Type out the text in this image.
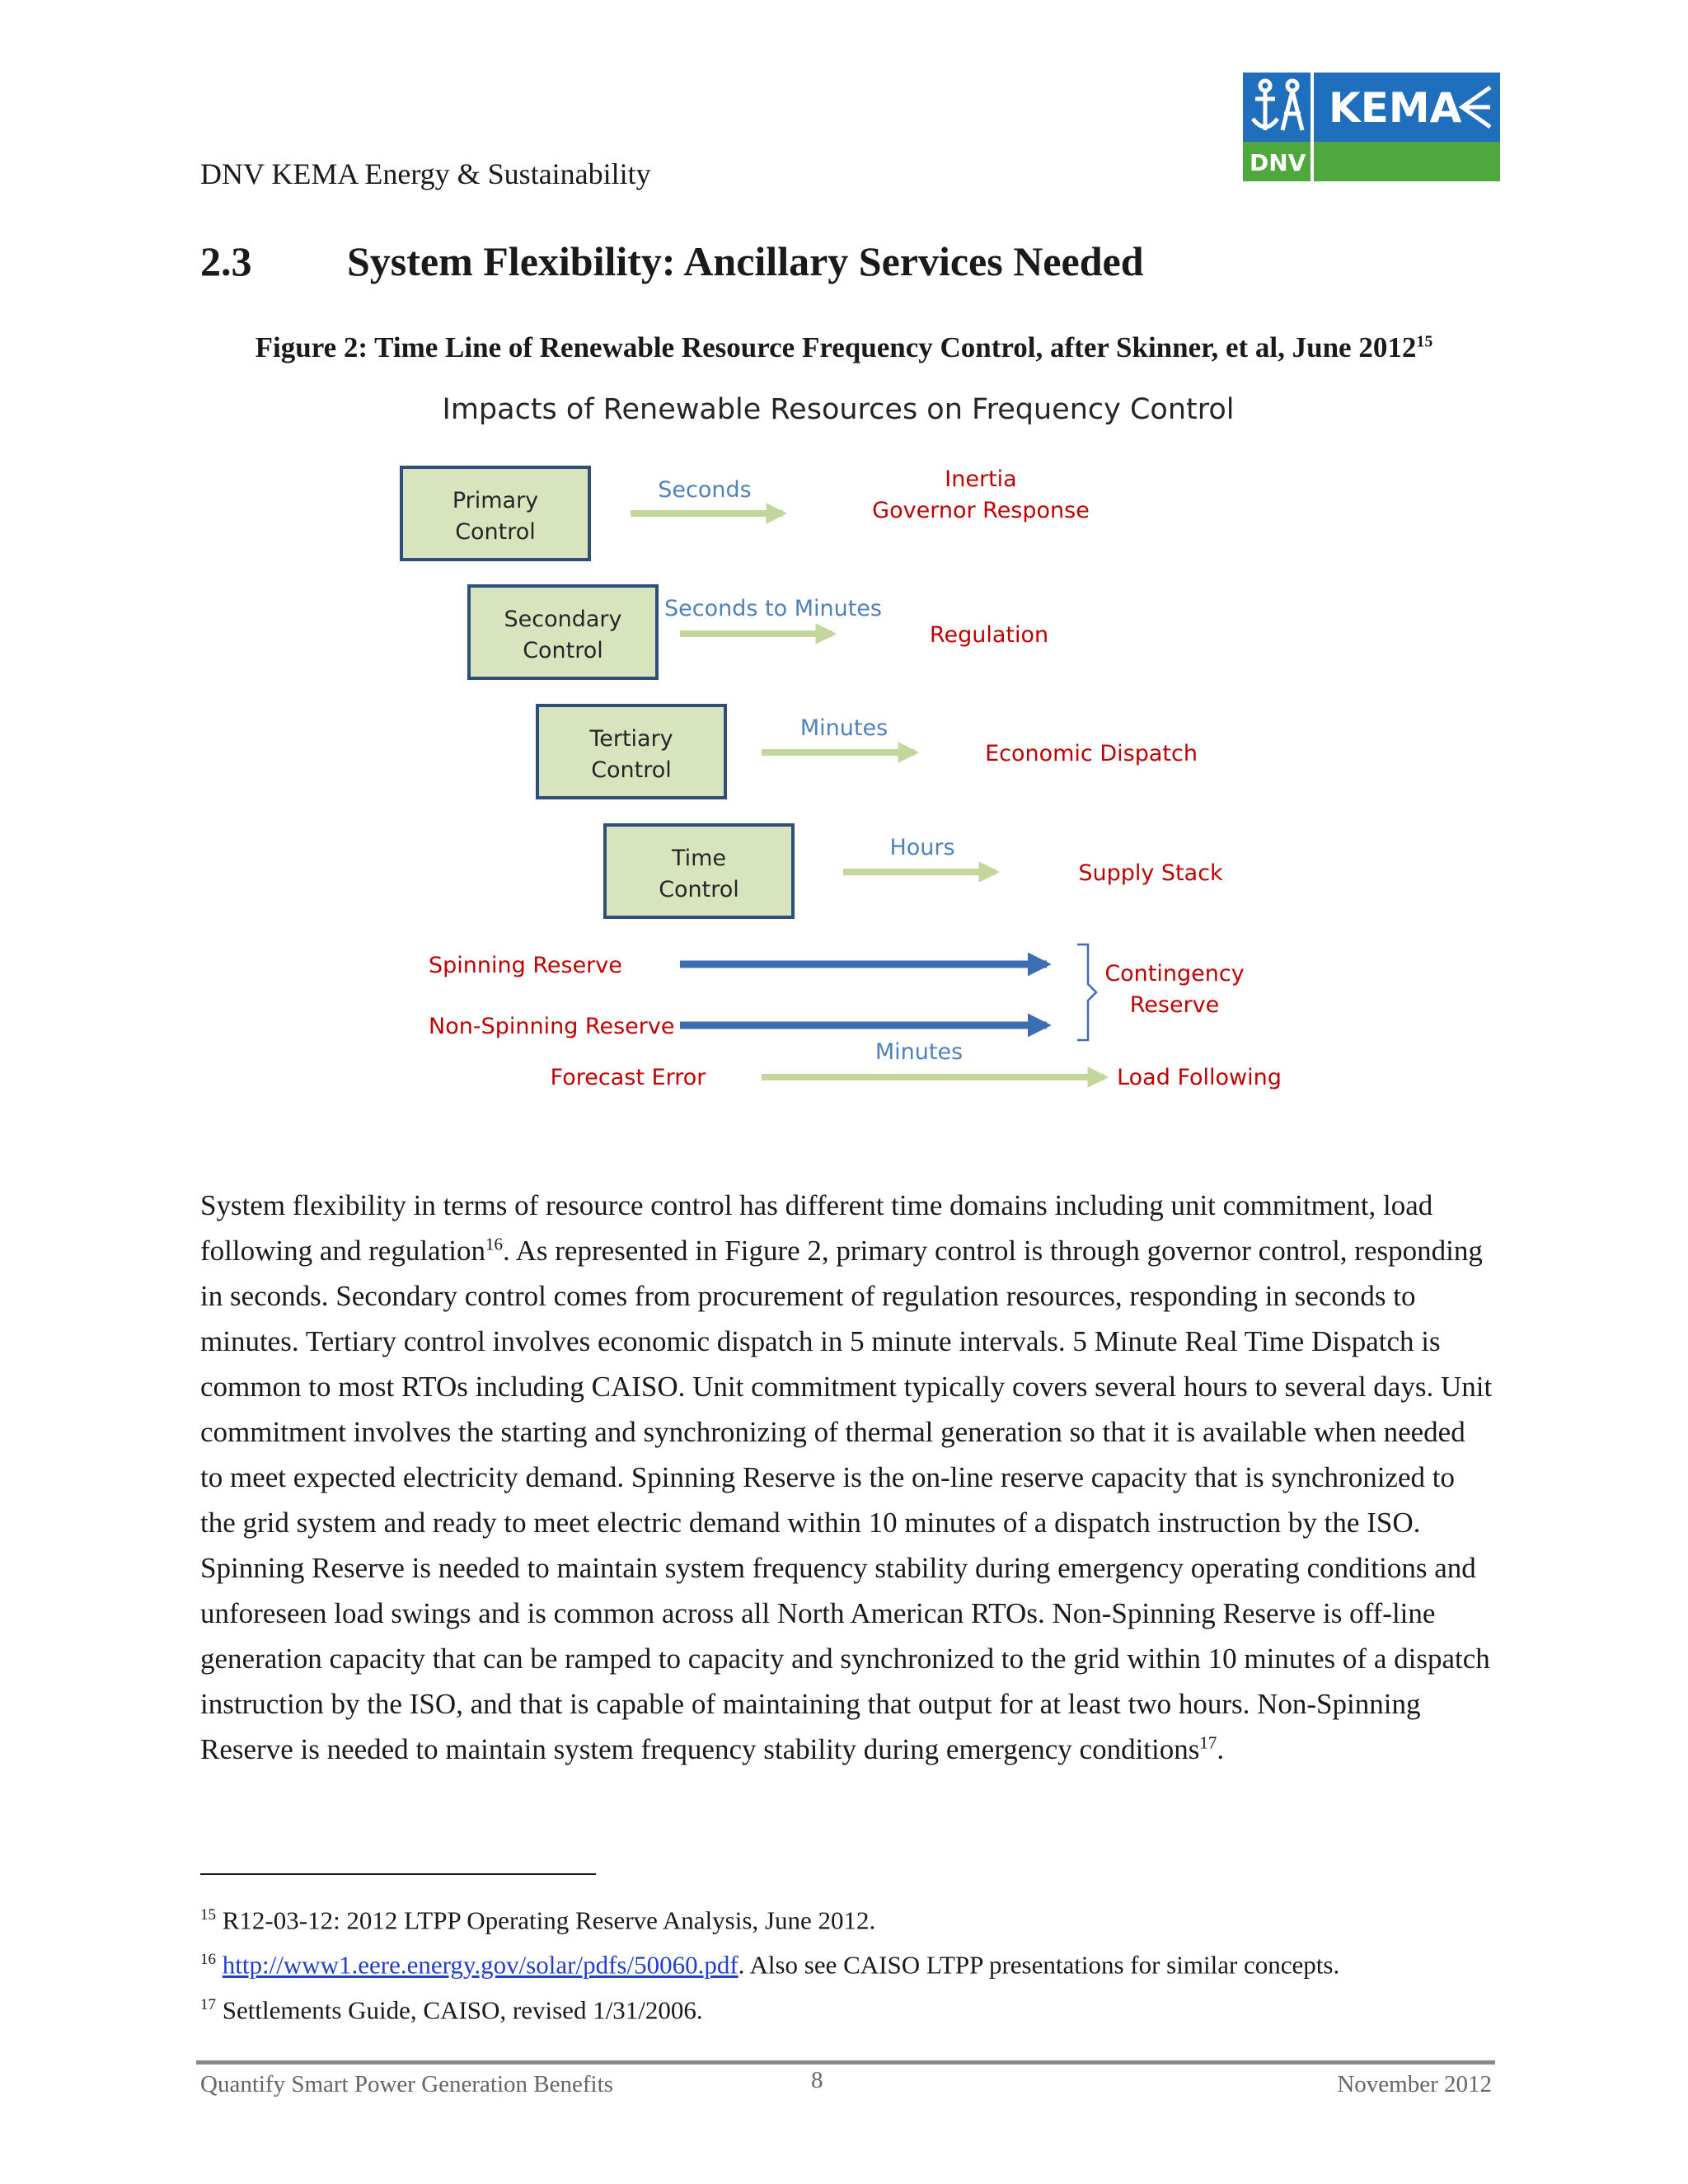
DNV KEMA Energy & Sustainability
KEMA
DNV
2.3 System Flexibility: Ancillary Services Needed
Figure 2: Time Line of Renewable Resource Frequency Control, after Skinner, et al, June 2012$^{15}$
Impacts of Renewable Resources on Frequency Control
Primary
Control
Seconds	Inertia
Governor Response
Secondary
Control
Seconds to Minutes
Regulation
Tertiary
Control
Minutes
Economic Dispatch
Time
Control
Hours
Supply Stack
Spinning Reserve
Non-Spinning Reserve
Contingency
Reserve
Forecast Error
Minutes
Load Following

System flexibility in terms of resource control has different time domains including unit commitment, load following and regulation$^{16}$. As represented in Figure 2, primary control is through governor control, responding in seconds. Secondary control comes from procurement of regulation resources, responding in seconds to minutes. Tertiary control involves economic dispatch in 5 minute intervals. 5 Minute Real Time Dispatch is common to most RTOs including CAISO. Unit commitment typically covers several hours to several days. Unit commitment involves the starting and synchronizing of thermal generation so that it is available when needed to meet expected electricity demand. Spinning Reserve is the on-line reserve capacity that is synchronized to the grid system and ready to meet electric demand within 10 minutes of a dispatch instruction by the ISO. Spinning Reserve is needed to maintain system frequency stability during emergency operating conditions and unforeseen load swings and is common across all North American RTOs. Non-Spinning Reserve is off-line generation capacity that can be ramped to capacity and synchronized to the grid within 10 minutes of a dispatch instruction by the ISO, and that is capable of maintaining that output for at least two hours. Non-Spinning Reserve is needed to maintain system frequency stability during emergency conditions$^{17}$.

$^{15}$ R12-03-12: 2012 LTPP Operating Reserve Analysis, June 2012.
$^{16}$ http://www1.eere.energy.gov/solar/pdfs/50060.pdf. Also see CAISO LTPP presentations for similar concepts.
$^{17}$ Settlements Guide, CAISO, revised 1/31/2006.
Quantify Smart Power Generation Benefits	8	November 2012
